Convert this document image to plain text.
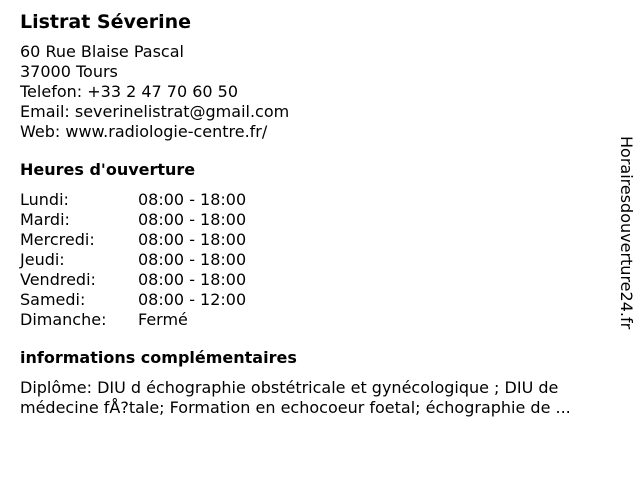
Listrat Séverine
60 Rue Blaise Pascal
37000 Tours
Telefon: +33 2 47 70 60 50
Email: severinelistrat@gmail.com
Web: www.radiologie-centre.fr/
Heures d'ouverture
Lundi:	08:00 - 18:00
Mardi:	08:00 - 18:00
Mercredi:	08:00 - 18:00
Jeudi:	08:00 - 18:00
Vendredi:	08:00 - 18:00
Samedi:	08:00 - 12:00
Dimanche:	Fermé
informations complémentaires
Diplôme: DIU d échographie obstétricale et gynécologique ; DIU de médecine fÅ?tale; Formation en echocoeur foetal; échographie de ...
Horairesdouverture24.fr
